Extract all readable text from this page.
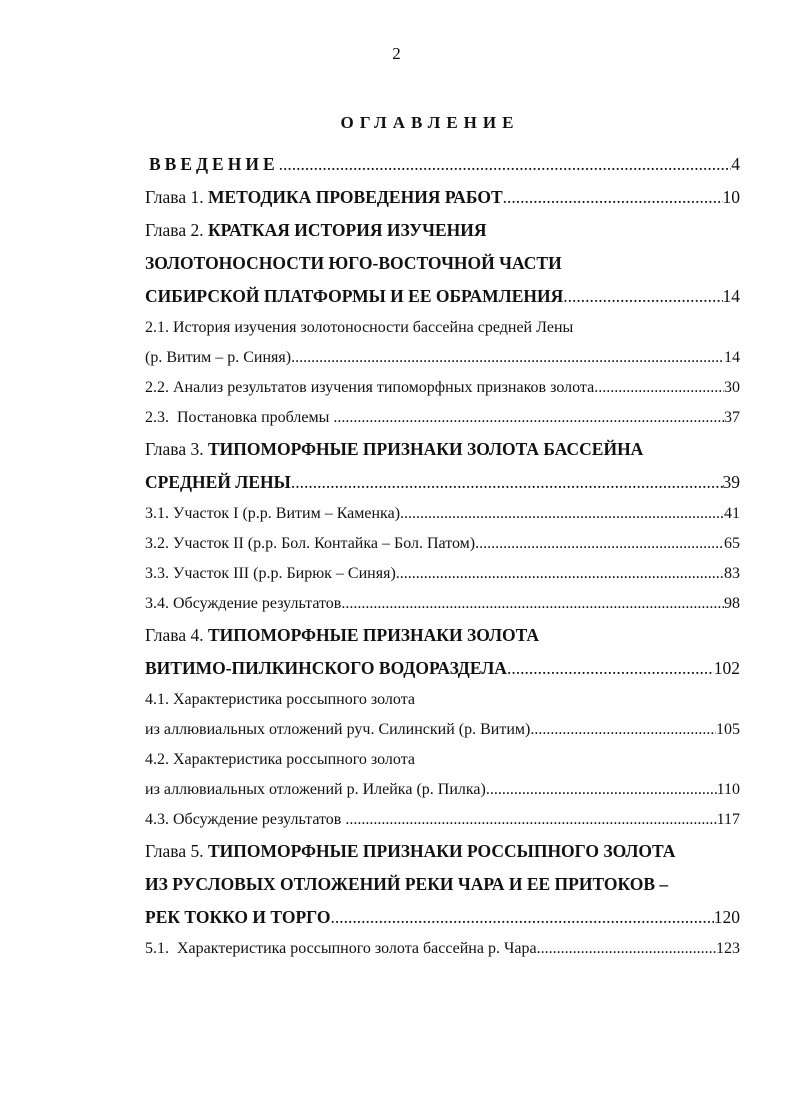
2
ОГЛАВЛЕНИЕ
ВВЕДЕНИЕ .....	4
Глава 1. МЕТОДИКА ПРОВЕДЕНИЯ РАБОТ .....	10
Глава 2. КРАТКАЯ ИСТОРИЯ ИЗУЧЕНИЯ
ЗОЛОТОНОСНОСТИ ЮГО-ВОСТОЧНОЙ ЧАСТИ
СИБИРСКОЙ ПЛАТФОРМЫ И ЕЕ ОБРАМЛЕНИЯ .....	14
2.1. История изучения золотоносности бассейна средней Лены
(р. Витим – р. Синяя) .....	14
2.2. Анализ результатов изучения типоморфных признаков золота .....	30
2.3.  Постановка проблемы .....	37
Глава 3. ТИПОМОРФНЫЕ ПРИЗНАКИ ЗОЛОТА БАССЕЙНА
СРЕДНЕЙ ЛЕНЫ .....	39
3.1. Участок I (р.р. Витим – Каменка) .....	41
3.2. Участок II (р.р. Бол. Контайка – Бол. Патом) .....	65
3.3. Участок III (р.р. Бирюк – Синяя) .....	83
3.4. Обсуждение результатов .....	98
Глава 4. ТИПОМОРФНЫЕ ПРИЗНАКИ ЗОЛОТА
ВИТИМО-ПИЛКИНСКОГО ВОДОРАЗДЕЛА .....	102
4.1. Характеристика россыпного золота
из аллювиальных отложений руч. Силинский (р. Витим) .....	105
4.2. Характеристика россыпного золота
из аллювиальных отложений р. Илейка (р. Пилка) .....	110
4.3. Обсуждение результатов .....	117
Глава 5. ТИПОМОРФНЫЕ ПРИЗНАКИ РОССЫПНОГО ЗОЛОТА
ИЗ РУСЛОВЫХ ОТЛОЖЕНИЙ РЕКИ ЧАРА И ЕЕ ПРИТОКОВ –
РЕК ТОККО И ТОРГО .....	120
5.1.  Характеристика россыпного золота бассейна р. Чара .....	123
